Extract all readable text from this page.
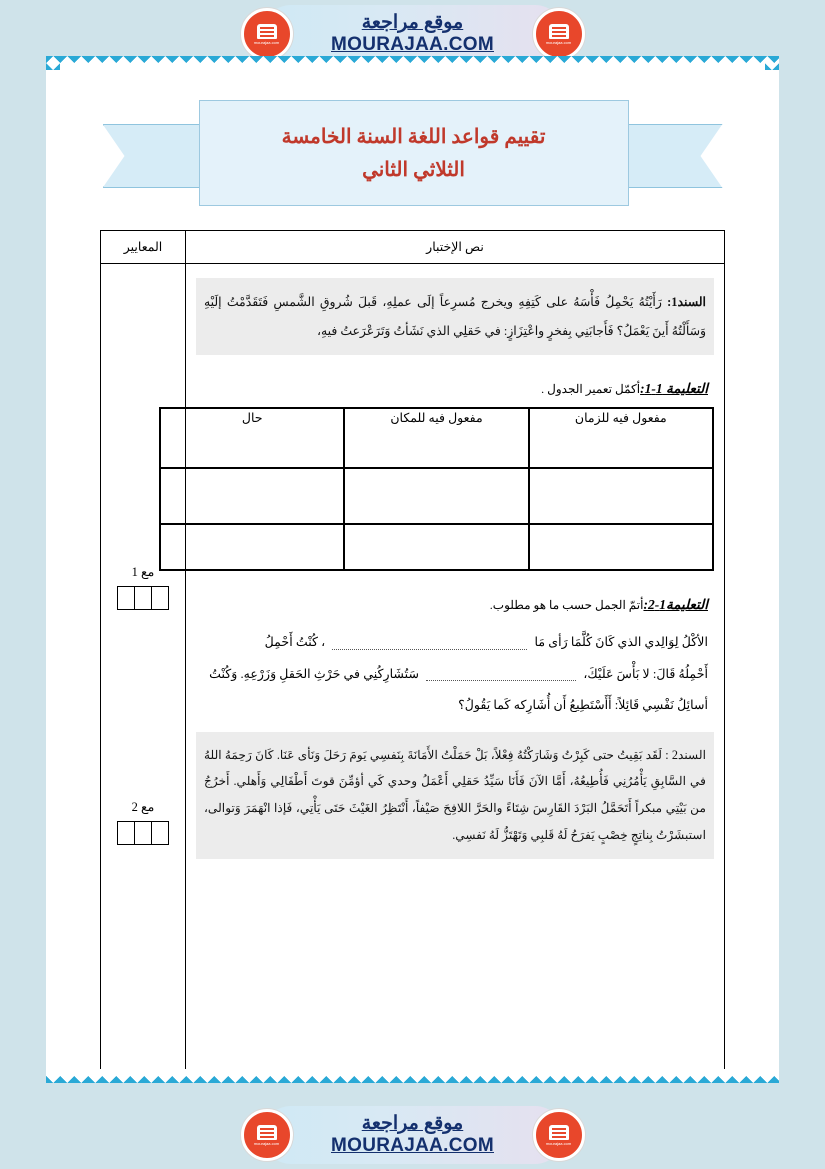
mourajaa.com
موقع مراجعة
MOURAJAA.COM
mourajaa.com
تقييم قواعد اللغة السنة الخامسة
الثلاثي الثاني
نص الإختبار	المعايير

السند1: رَأَيْتُهُ يَحْمِلُ فَأْسَهُ على كَتِفِهِ ويخرج مُسرِعاً إلَى عملِهِ، قَبلَ شُروقِ الشَّمسِ فَتَقَدَّمْتُ إلَيْهِ وَسَأَلْتُهُ أَينَ يَعْمَلُ؟ فَأَجابَنِي بِفخرٍ واعْتِزَازٍ: في حَقلِي الذي نَشَأتُ وَتَرَعْرَعتُ فيهِ،
التعليمة 1-1:أكمّل تعمير الجدول .
مفعول فيه للزمان	مفعول فيه للمكان	حال

التعليمة1-2:أتمّ الجمل حسب ما هو مطلوب.
الأكْلُ لِوَالِدي الذي كَانَ كُلَّمَا رَأى مَا  ، كُنْتُ أَحْمِلُ
أَحْمِلُهُ قَالَ: لا بَأْسَ عَلَيْكَ،  سَتُشَارِكُنِي في حَرْثِ الحَقلِ وَزَرْعِهِ. وَكُنْتُ
أسائِلُ نَفْسِي قَائِلاً: أَأَسْتَطِيعُ أَن أُشَارِكه كَما يَقُولُ؟
السند2 : لَقَد بَقِيتُ حتى كَبِرْتُ وَشَارَكْتُهُ فِعْلاً، بَلْ حَمَلْتُ الأَمَانَةَ بِنَفسِي يَومَ رَحَلَ وَنَأى عَنَا. كَانَ رَحِمَهُ اللهُ في السَّابِقِ يَأْمُرُنِي فَأُطِيعُهُ، أَمَّا الآنَ فَأَنَا سَيِّدُ حَقلِي أَعْمَلُ وحدي كَي أؤمِّنَ قوتَ أَطْفَالِي وَأَهلي. أَخرُجُ من بَيْتِي مبكراً أَتَحَمَّلُ البَرْدَ القَارِسَ شِتَاءً والحَرَّ اللافِحَ صَيْفاً، أَنْتَظِرُ الغَيْثَ حَتَى يَأْتِي، فَإذا انْهَمَرَ وَتوالى، استبشَرْتُ بِناتِجٍ خِصْبٍ يَفرَحُ لَهُ قَلبِي وَتَهْتَزُّ لَهُ نَفسِي.

مع 1
مع 2
mourajaa.com
موقع مراجعة
MOURAJAA.COM
mourajaa.com
